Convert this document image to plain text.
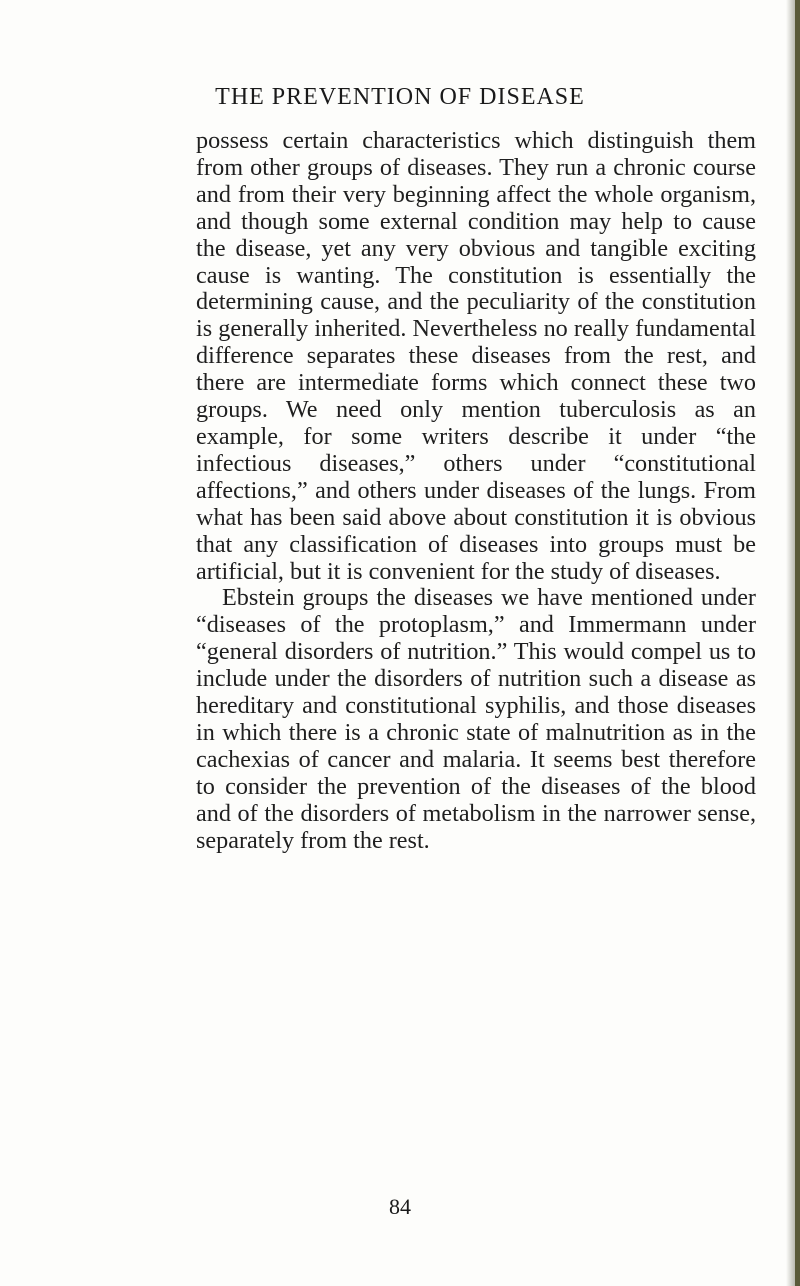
THE PREVENTION OF DISEASE

possess certain characteristics which distinguish them from other groups of diseases. They run a chronic course and from their very beginning affect the whole organism, and though some external condition may help to cause the disease, yet any very obvious and tangible exciting cause is wanting. The constitution is essentially the determining cause, and the peculiarity of the constitution is generally inherited. Nevertheless no really fundamental difference separates these diseases from the rest, and there are intermediate forms which connect these two groups. We need only mention tuberculosis as an example, for some writers describe it under “the infectious diseases,” others under “constitutional affections,” and others under diseases of the lungs. From what has been said above about constitution it is obvious that any classification of diseases into groups must be artificial, but it is convenient for the study of diseases.

Ebstein groups the diseases we have mentioned under “diseases of the protoplasm,” and Immermann under “general disorders of nutrition.” This would compel us to include under the disorders of nutrition such a disease as hereditary and constitutional syphilis, and those diseases in which there is a chronic state of malnutrition as in the cachexias of cancer and malaria. It seems best therefore to consider the prevention of the diseases of the blood and of the disorders of metabolism in the narrower sense, separately from the rest.

84
